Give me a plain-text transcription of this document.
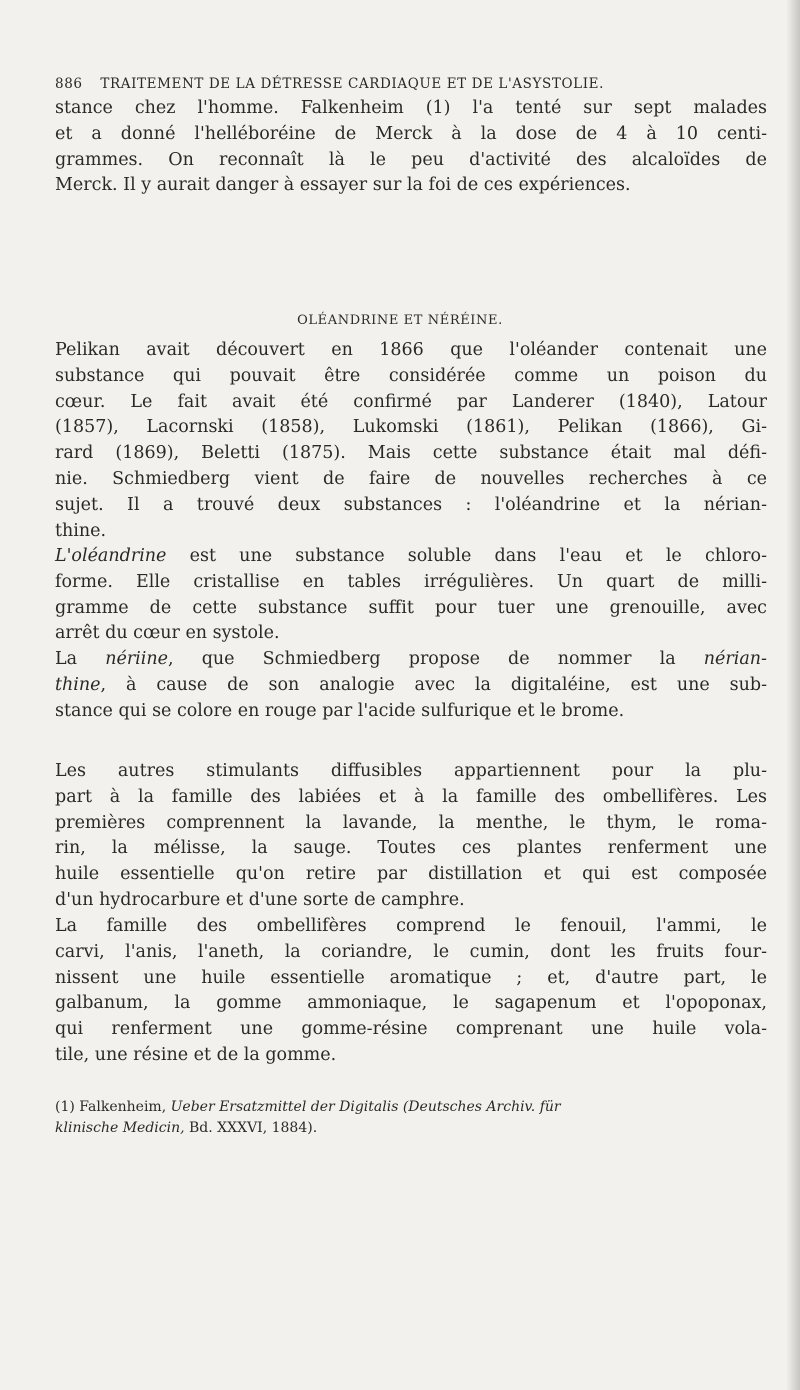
886 TRAITEMENT DE LA DÉTRESSE CARDIAQUE ET DE L'ASYSTOLIE.
stance chez l'homme. Falkenheim (1) l'a tenté sur sept malades
et a donné l'helléboréine de Merck à la dose de 4 à 10 centi-
grammes. On reconnaît là le peu d'activité des alcaloïdes de
Merck. Il y aurait danger à essayer sur la foi de ces expériences.
OLÉANDRINE ET NÉRÉINE.
Pelikan avait découvert en 1866 que l'oléander contenait une
substance qui pouvait être considérée comme un poison du
cœur. Le fait avait été confirmé par Landerer (1840), Latour
(1857), Lacornski (1858), Lukomski (1861), Pelikan (1866), Gi-
rard (1869), Beletti (1875). Mais cette substance était mal défi-
nie. Schmiedberg vient de faire de nouvelles recherches à ce
sujet. Il a trouvé deux substances : l'oléandrine et la nérian-
thine.
L'oléandrine est une substance soluble dans l'eau et le chloro-
forme. Elle cristallise en tables irrégulières. Un quart de milli-
gramme de cette substance suffit pour tuer une grenouille, avec
arrêt du cœur en systole.
La nériine, que Schmiedberg propose de nommer la nérian-
thine, à cause de son analogie avec la digitaléine, est une sub-
stance qui se colore en rouge par l'acide sulfurique et le brome.
Les autres stimulants diffusibles appartiennent pour la plu-
part à la famille des labiées et à la famille des ombellifères. Les
premières comprennent la lavande, la menthe, le thym, le roma-
rin, la mélisse, la sauge. Toutes ces plantes renferment une
huile essentielle qu'on retire par distillation et qui est composée
d'un hydrocarbure et d'une sorte de camphre.
La famille des ombellifères comprend le fenouil, l'ammi, le
carvi, l'anis, l'aneth, la coriandre, le cumin, dont les fruits four-
nissent une huile essentielle aromatique ; et, d'autre part, le
galbanum, la gomme ammoniaque, le sagapenum et l'opoponax,
qui renferment une gomme-résine comprenant une huile vola-
tile, une résine et de la gomme.
(1) Falkenheim, Ueber Ersatzmittel der Digitalis (Deutsches Archiv. für
klinische Medicin, Bd. XXXVI, 1884).
